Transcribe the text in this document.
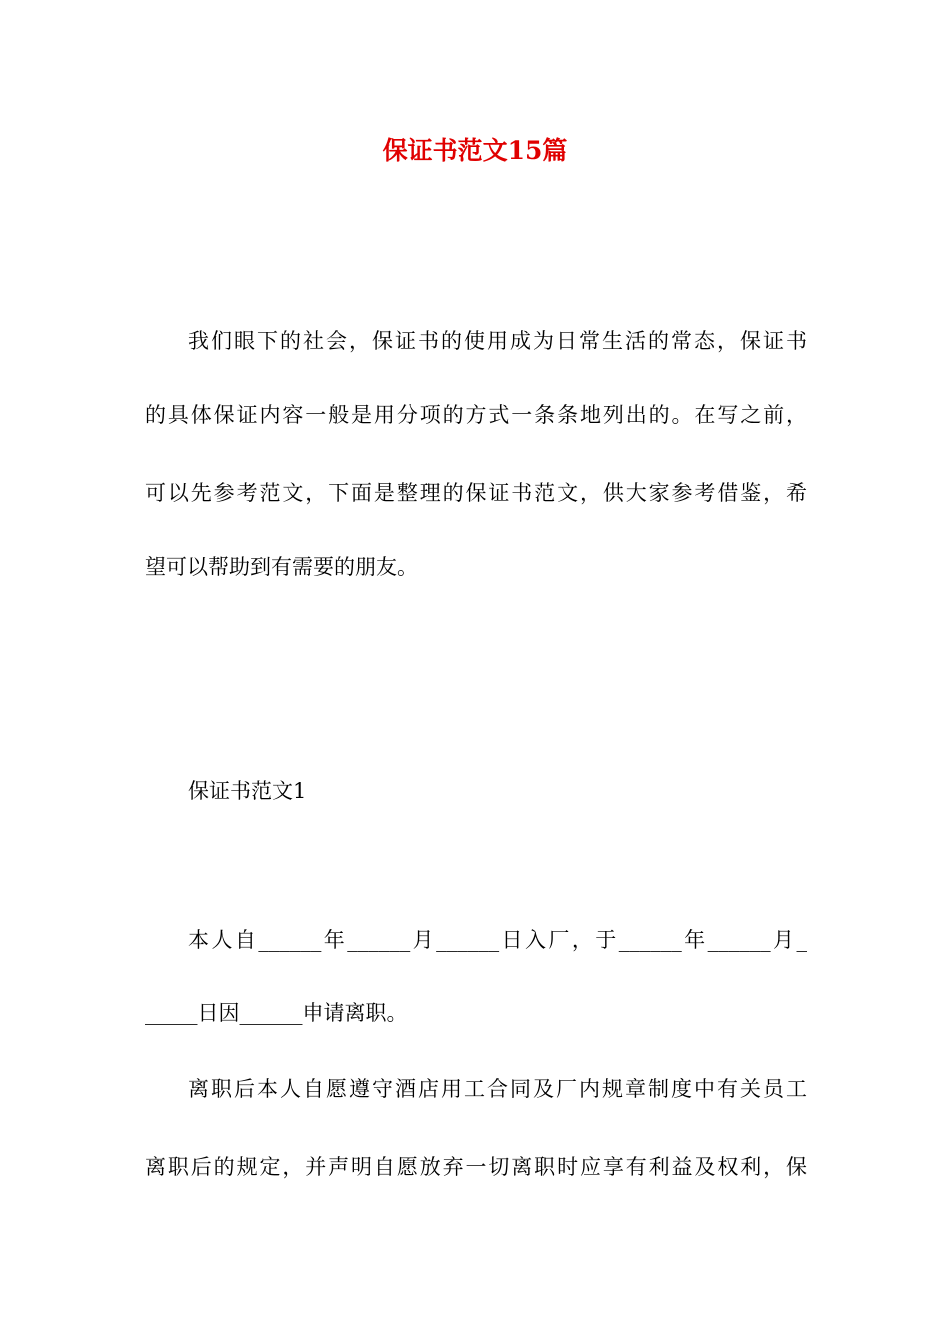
保证书范文15篇
我们眼下的社会，保证书的使用成为日常生活的常态，保证书
的具体保证内容一般是用分项的方式一条条地列出的。在写之前，
可以先参考范文，下面是整理的保证书范文，供大家参考借鉴，希
望可以帮助到有需要的朋友。
保证书范文1
本人自______年______月______日入厂，于______年______月_
_____日因______申请离职。
离职后本人自愿遵守酒店用工合同及厂内规章制度中有关员工
离职后的规定，并声明自愿放弃一切离职时应享有利益及权利，保
